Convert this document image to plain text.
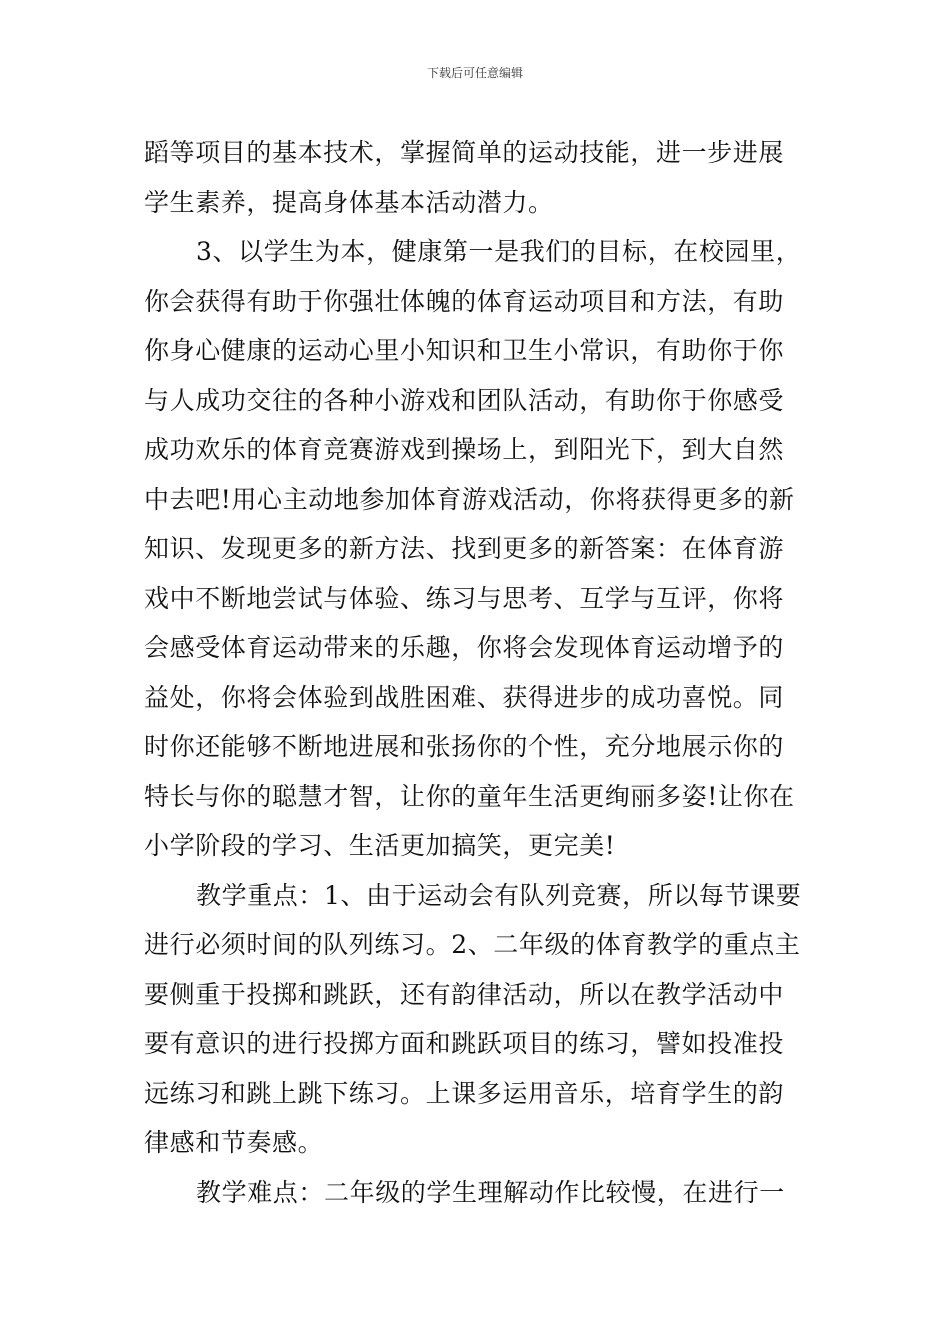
下载后可任意编辑
蹈等项目的基本技术，掌握简单的运动技能，进一步进展
学生素养，提高身体基本活动潜力。
3、以学生为本，健康第一是我们的目标，在校园里，
你会获得有助于你强壮体魄的体育运动项目和方法，有助
你身心健康的运动心里小知识和卫生小常识，有助你于你
与人成功交往的各种小游戏和团队活动，有助你于你感受
成功欢乐的体育竞赛游戏到操场上，到阳光下，到大自然
中去吧!用心主动地参加体育游戏活动，你将获得更多的新
知识、发现更多的新方法、找到更多的新答案：在体育游
戏中不断地尝试与体验、练习与思考、互学与互评，你将
会感受体育运动带来的乐趣，你将会发现体育运动增予的
益处，你将会体验到战胜困难、获得进步的成功喜悦。同
时你还能够不断地进展和张扬你的个性，充分地展示你的
特长与你的聪慧才智，让你的童年生活更绚丽多姿!让你在
小学阶段的学习、生活更加搞笑，更完美!
教学重点：1、由于运动会有队列竞赛，所以每节课要
进行必须时间的队列练习。2、二年级的体育教学的重点主
要侧重于投掷和跳跃，还有韵律活动，所以在教学活动中
要有意识的进行投掷方面和跳跃项目的练习，譬如投准投
远练习和跳上跳下练习。上课多运用音乐，培育学生的韵
律感和节奏感。
教学难点：二年级的学生理解动作比较慢，在进行一
